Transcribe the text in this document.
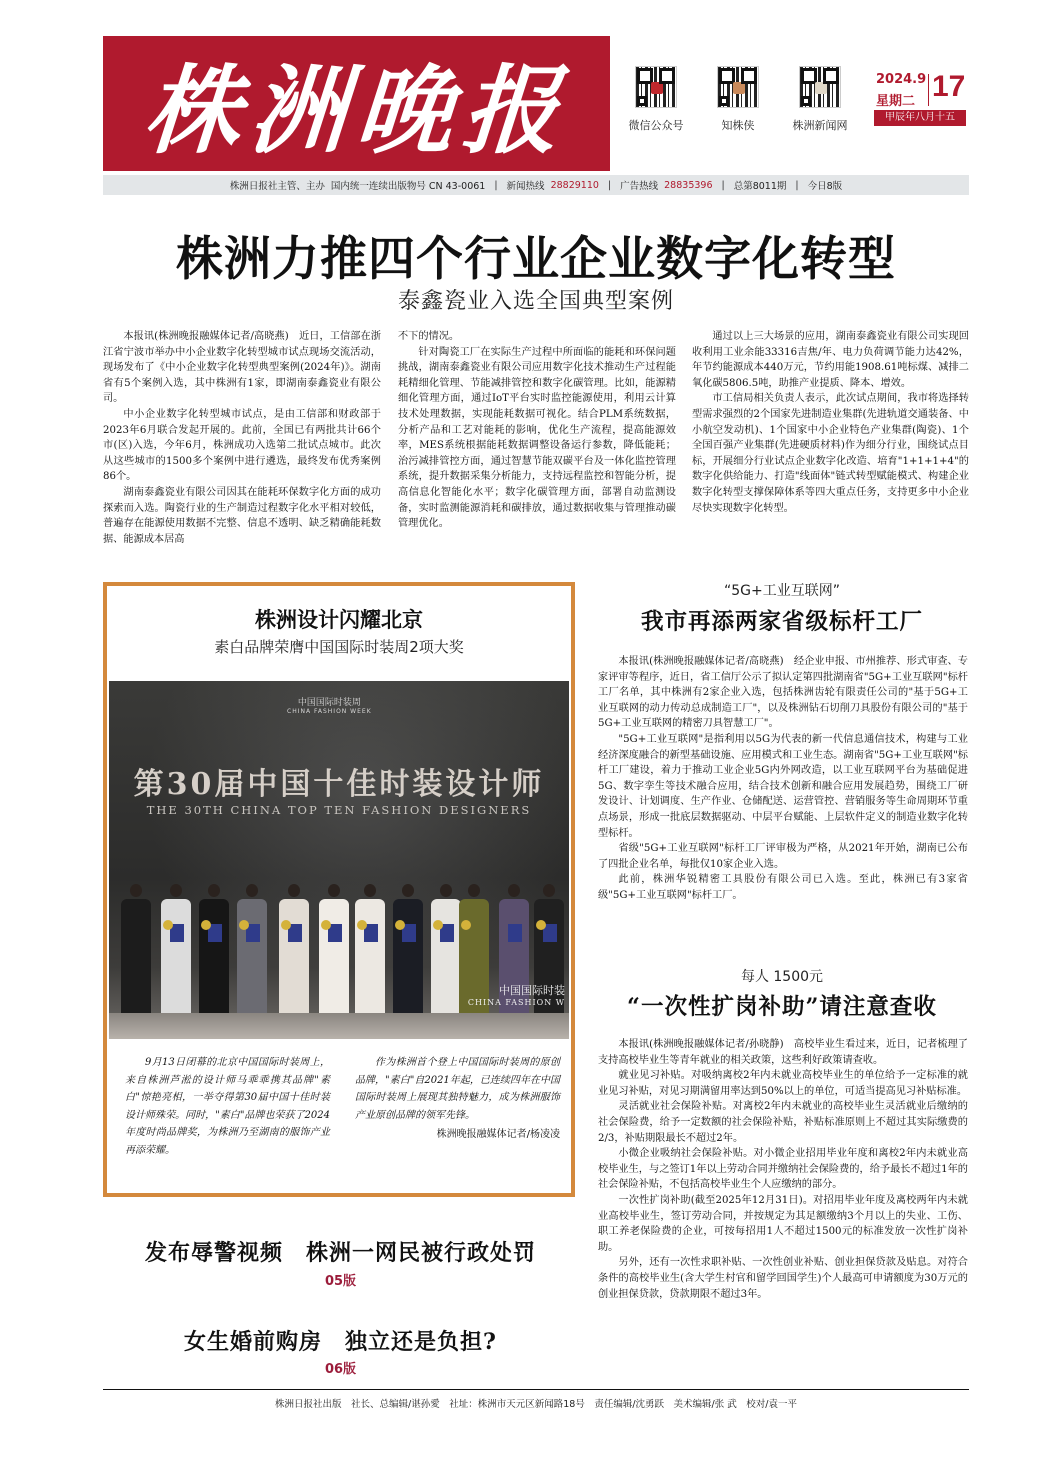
株洲晚报	微信公众号	知株侠	株洲新闻网
2024.9
星期二 17
甲辰年八月十五
株洲日报社主管、主办 国内统一连续出版物号 CN 43-0061 | 新闻热线 28829110 | 广告热线 28835396 | 总第8011期 | 今日8版
株洲力推四个行业企业数字化转型
泰鑫瓷业入选全国典型案例

本报讯(株洲晚报融媒体记者/高晓燕)　近日，工信部在浙江省宁波市举办中小企业数字化转型城市试点现场交流活动，现场发布了《中小企业数字化转型典型案例(2024年)》。湖南省有5个案例入选，其中株洲有1家，即湖南泰鑫瓷业有限公司。

中小企业数字化转型城市试点，是由工信部和财政部于2023年6月联合发起开展的。此前，全国已有两批共计66个市(区)入选，今年6月，株洲成功入选第二批试点城市。此次从这些城市的1500多个案例中进行遴选，最终发布优秀案例86个。

湖南泰鑫瓷业有限公司因其在能耗环保数字化方面的成功探索而入选。陶瓷行业的生产制造过程数字化水平相对较低，普遍存在能源使用数据不完整、信息不透明、缺乏精确能耗数据、能源成本居高

不下的情况。

针对陶瓷工厂在实际生产过程中所面临的能耗和环保问题挑战，湖南泰鑫瓷业有限公司应用数字化技术推动生产过程能耗精细化管理、节能减排管控和数字化碳管理。比如，能源精细化管理方面，通过IoT平台实时监控能源使用，利用云计算技术处理数据，实现能耗数据可视化。结合PLM系统数据，分析产品和工艺对能耗的影响，优化生产流程，提高能源效率，MES系统根据能耗数据调整设备运行参数，降低能耗；治污减排管控方面，通过智慧节能双碳平台及一体化监控管理系统，提升数据采集分析能力，支持远程监控和智能分析，提高信息化智能化水平；数字化碳管理方面，部署自动监测设备，实时监测能源消耗和碳排放，通过数据收集与管理推动碳管理优化。

通过以上三大场景的应用，湖南泰鑫瓷业有限公司实现回收利用工业余能33316吉焦/年、电力负荷调节能力达42%，年节约能源成本440万元，节约用能1908.61吨标煤、减排二氧化碳5806.5吨，助推产业提质、降本、增效。

市工信局相关负责人表示，此次试点期间，我市将选择转型需求强烈的2个国家先进制造业集群(先进轨道交通装备、中小航空发动机)、1个国家中小企业特色产业集群(陶瓷)、1个全国百强产业集群(先进硬质材料)作为细分行业，围绕试点目标，开展细分行业试点企业数字化改造、培育"1+1+1+4"的数字化供给能力、打造"线面体"链式转型赋能模式、构建企业数字化转型支撑保障体系等四大重点任务，支持更多中小企业尽快实现数字化转型。

株洲设计闪耀北京
素白品牌荣膺中国国际时装周2项大奖
中国国际时装周
CHINA FASHION WEEK
第30届中国十佳时装设计师
THE 30TH CHINA TOP TEN FASHION DESIGNERS
中国国际时装
CHINA FASHION W

9月13日闭幕的北京中国国际时装周上，来自株洲芦淞的设计师马乖乖携其品牌"素白"惊艳亮相，一举夺得第30届中国十佳时装设计师殊荣。同时，"素白"品牌也荣获了2024年度时尚品牌奖，为株洲乃至湖南的服饰产业再添荣耀。

作为株洲首个登上中国国际时装周的原创品牌，"素白"自2021年起，已连续四年在中国国际时装周上展现其独特魅力，成为株洲服饰产业原创品牌的领军先锋。

株洲晚报融媒体记者/杨凌凌
“5G+工业互联网”
我市再添两家省级标杆工厂

本报讯(株洲晚报融媒体记者/高晓燕)　经企业申报、市州推荐、形式审查、专家评审等程序，近日，省工信厅公示了拟认定第四批湖南省"5G+工业互联网"标杆工厂名单，其中株洲有2家企业入选，包括株洲齿轮有限责任公司的"基于5G+工业互联网的动力传动总成制造工厂"，以及株洲钻石切削刀具股份有限公司的"基于5G+工业互联网的精密刀具智慧工厂"。

"5G+工业互联网"是指利用以5G为代表的新一代信息通信技术，构建与工业经济深度融合的新型基础设施、应用模式和工业生态。湖南省"5G+工业互联网"标杆工厂建设，着力于推动工业企业5G内外网改造，以工业互联网平台为基础促进5G、数字孪生等技术融合应用，结合技术创新和融合应用发展趋势，围绕工厂研发设计、计划调度、生产作业、仓储配送、运营管控、营销服务等生命周期环节重点场景，形成一批底层数据驱动、中层平台赋能、上层软件定义的制造业数字化转型标杆。

省级"5G+工业互联网"标杆工厂评审极为严格，从2021年开始，湖南已公布了四批企业名单，每批仅10家企业入选。

此前，株洲华锐精密工具股份有限公司已入选。至此，株洲已有3家省级"5G+工业互联网"标杆工厂。

每人 1500元
“一次性扩岗补助”请注意查收

本报讯(株洲晚报融媒体记者/孙晓静)　高校毕业生看过来，近日，记者梳理了支持高校毕业生等青年就业的相关政策，这些利好政策请查收。

就业见习补贴。对吸纳离校2年内未就业高校毕业生的单位给予一定标准的就业见习补贴，对见习期满留用率达到50%以上的单位，可适当提高见习补贴标准。

灵活就业社会保险补贴。对离校2年内未就业的高校毕业生灵活就业后缴纳的社会保险费，给予一定数额的社会保险补贴，补贴标准原则上不超过其实际缴费的2/3，补贴期限最长不超过2年。

小微企业吸纳社会保险补贴。对小微企业招用毕业年度和离校2年内未就业高校毕业生，与之签订1年以上劳动合同并缴纳社会保险费的，给予最长不超过1年的社会保险补贴，不包括高校毕业生个人应缴纳的部分。

一次性扩岗补助(截至2025年12月31日)。对招用毕业年度及离校两年内未就业高校毕业生，签订劳动合同，并按规定为其足额缴纳3个月以上的失业、工伤、职工养老保险费的企业，可按每招用1人不超过1500元的标准发放一次性扩岗补助。

另外，还有一次性求职补贴、一次性创业补贴、创业担保贷款及贴息。对符合条件的高校毕业生(含大学生村官和留学回国学生)个人最高可申请额度为30万元的创业担保贷款，贷款期限不超过3年。

发布辱警视频　株洲一网民被行政处罚
05版
女生婚前购房　独立还是负担?
06版
株洲日报社出版　社长、总编辑/谌孙愛　社址：株洲市天元区新闻路18号　责任编辑/沈勇跃　美术编辑/张 武　校对/袁一平
